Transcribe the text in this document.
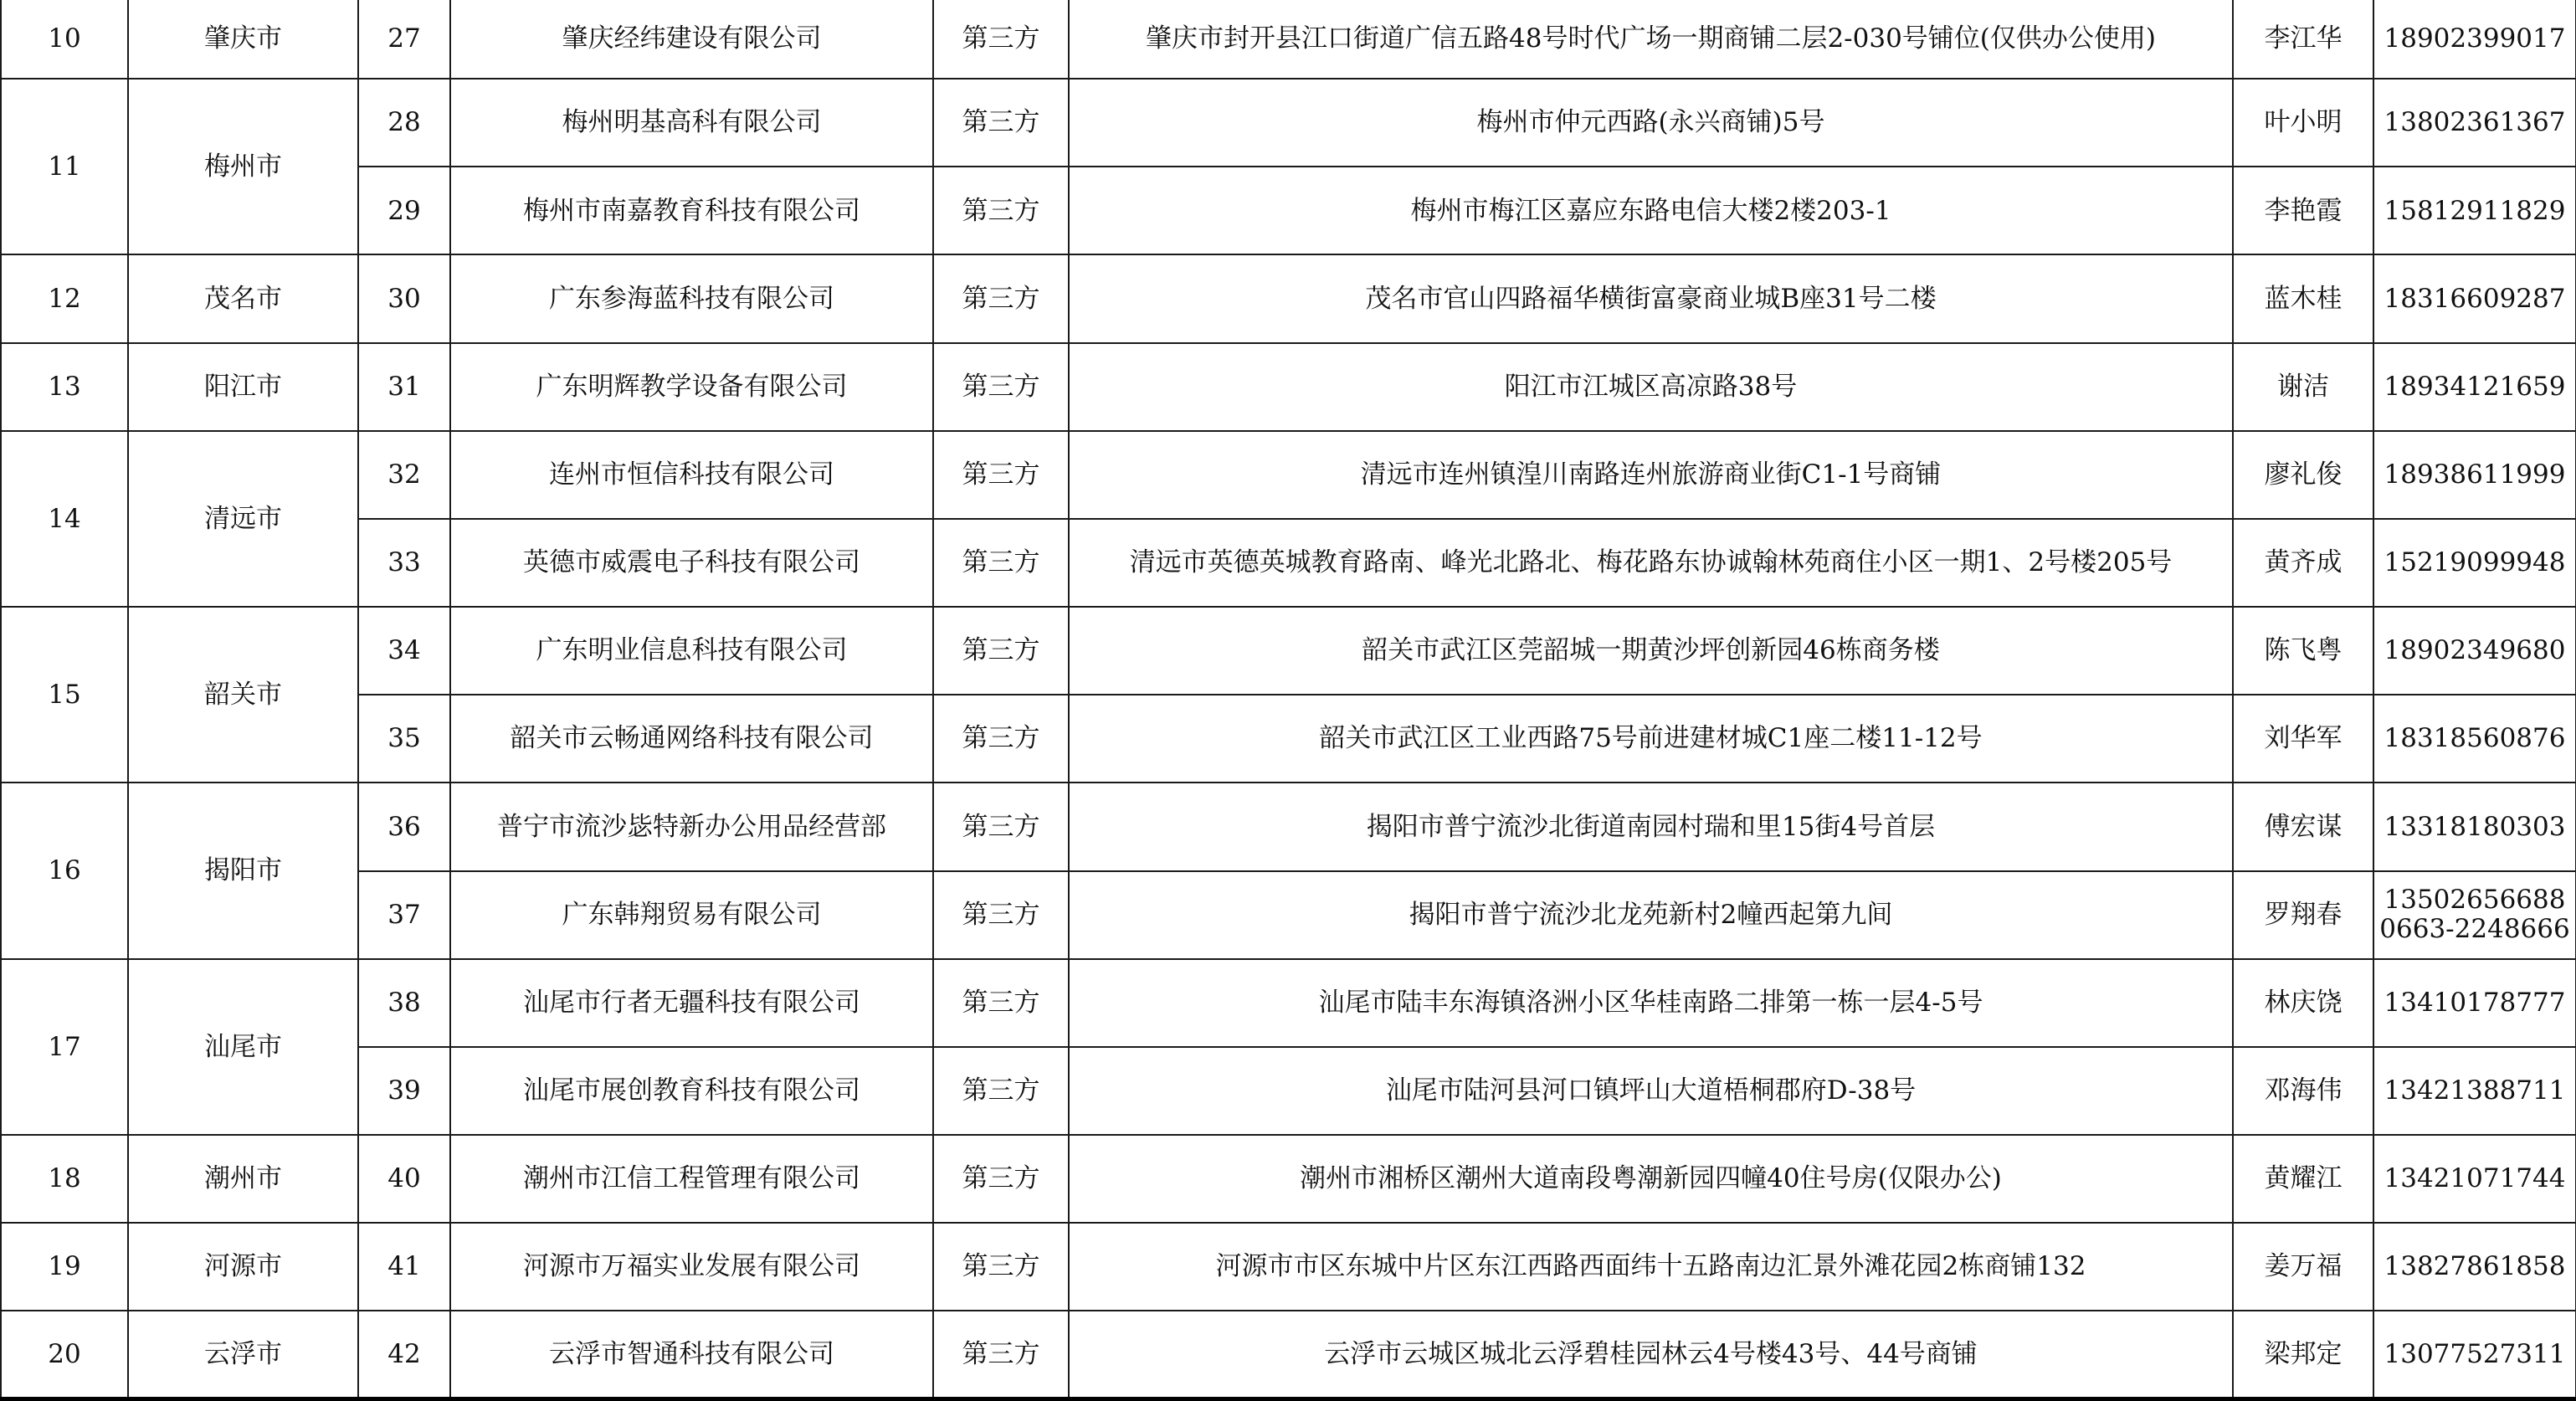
10	肇庆市	27	肇庆经纬建设有限公司	第三方	肇庆市封开县江口街道广信五路48号时代广场一期商铺二层2-030号铺位(仅供办公使用)	李江华	18902399017

11	梅州市	28	梅州明基高科有限公司	第三方	梅州市仲元西路(永兴商铺)5号	叶小明	13802361367

		29	梅州市南嘉教育科技有限公司	第三方	梅州市梅江区嘉应东路电信大楼2楼203-1	李艳霞	15812911829

12	茂名市	30	广东参海蓝科技有限公司	第三方	茂名市官山四路福华横街富豪商业城B座31号二楼	蓝木桂	18316609287

13	阳江市	31	广东明辉教学设备有限公司	第三方	阳江市江城区高凉路38号	谢洁	18934121659

14	清远市	32	连州市恒信科技有限公司	第三方	清远市连州镇湟川南路连州旅游商业街C1-1号商铺	廖礼俊	18938611999

		33	英德市威震电子科技有限公司	第三方	清远市英德英城教育路南、峰光北路北、梅花路东协诚翰林苑商住小区一期1、2号楼205号	黄齐成	15219099948

15	韶关市	34	广东明业信息科技有限公司	第三方	韶关市武江区莞韶城一期黄沙坪创新园46栋商务楼	陈飞粤	18902349680

		35	韶关市云畅通网络科技有限公司	第三方	韶关市武江区工业西路75号前进建材城C1座二楼11-12号	刘华军	18318560876

16	揭阳市	36	普宁市流沙毖特新办公用品经营部	第三方	揭阳市普宁流沙北街道南园村瑞和里15街4号首层	傅宏谋	13318180303

		37	广东韩翔贸易有限公司	第三方	揭阳市普宁流沙北龙苑新村2幢西起第九间	罗翔春	13502656688
0663-2248666

17	汕尾市	38	汕尾市行者无疆科技有限公司	第三方	汕尾市陆丰东海镇洛洲小区华桂南路二排第一栋一层4-5号	林庆饶	13410178777

		39	汕尾市展创教育科技有限公司	第三方	汕尾市陆河县河口镇坪山大道梧桐郡府D-38号	邓海伟	13421388711

18	潮州市	40	潮州市江信工程管理有限公司	第三方	潮州市湘桥区潮州大道南段粤潮新园四幢40住号房(仅限办公)	黄耀江	13421071744

19	河源市	41	河源市万福实业发展有限公司	第三方	河源市市区东城中片区东江西路西面纬十五路南边汇景外滩花园2栋商铺132	姜万福	13827861858

20	云浮市	42	云浮市智通科技有限公司	第三方	云浮市云城区城北云浮碧桂园林云4号楼43号、44号商铺	梁邦定	13077527311
